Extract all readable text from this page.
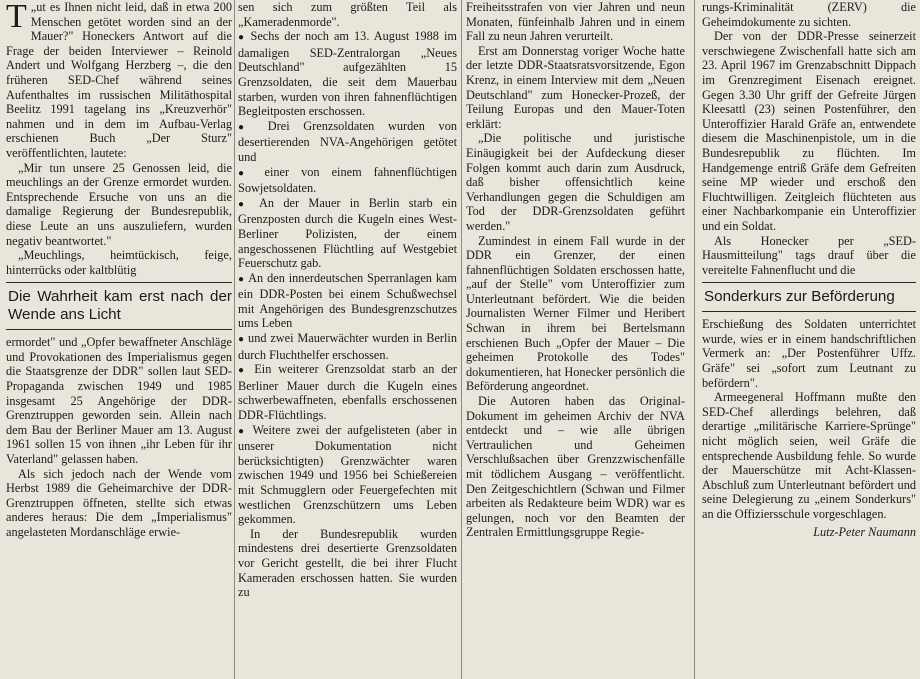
T „ut es Ihnen nicht leid, daß in etwa 200 Menschen getötet worden sind an der Mauer?" Honeckers Antwort auf die Frage der beiden Interviewer – Reinold Andert und Wolfgang Herzberg –, die den früheren SED-Chef während seines Aufenthaltes im russischen Militäthospital Beelitz 1991 tagelang ins „Kreuzverhör" nahmen und in dem im Aufbau-Verlag erschienen Buch „Der Sturz" veröffentlichten, lautete:

„Mir tun unsere 25 Genossen leid, die meuchlings an der Grenze ermordet wurden. Entsprechende Ersuche von uns an die damalige Regierung der Bundesrepublik, diese Leute an uns auszuliefern, wurden negativ beantwortet."

„Meuchlings, heimtückisch, feige, hinterrücks oder kaltblütig

Die Wahrheit kam erst nach der Wende ans Licht

ermordet" und „Opfer bewaffneter Anschläge und Provokationen des Imperialismus gegen die Staatsgrenze der DDR" sollen laut SED-Propaganda zwischen 1949 und 1985 insgesamt 25 Angehörige der DDR-Grenztruppen geworden sein. Allein nach dem Bau der Berliner Mauer am 13. August 1961 sollen 15 von ihnen „ihr Leben für ihr Vaterland" gelassen haben.

Als sich jedoch nach der Wende vom Herbst 1989 die Geheimarchive der DDR-Grenztruppen öffneten, stellte sich etwas anderes heraus: Die dem „Imperialismus" angelasteten Mordanschläge erwie-

sen sich zum größten Teil als „Kameradenmorde".

● Sechs der noch am 13. August 1988 im damaligen SED-Zentralorgan „Neues Deutschland" aufgezählten 15 Grenzsoldaten, die seit dem Mauerbau starben, wurden von ihren fahnenflüchtigen Begleitposten erschossen.

● Drei Grenzsoldaten wurden von desertierenden NVA-Angehörigen getötet und

● einer von einem fahnenflüchtigen Sowjetsoldaten.

● An der Mauer in Berlin starb ein Grenzposten durch die Kugeln eines West-Berliner Polizisten, der einem angeschossenen Flüchtling auf Westgebiet Feuerschutz gab.

● An den innerdeutschen Sperranlagen kam ein DDR-Posten bei einem Schußwechsel mit Angehörigen des Bundesgrenzschutzes ums Leben

● und zwei Mauerwächter wurden in Berlin durch Fluchthelfer erschossen.

● Ein weiterer Grenzsoldat starb an der Berliner Mauer durch die Kugeln eines schwerbewaffneten, ebenfalls erschossenen DDR-Flüchtlings.

● Weitere zwei der aufgelisteten (aber in unserer Dokumentation nicht berücksichtigten) Grenzwächter waren zwischen 1949 und 1956 bei Schießereien mit Schmugglern oder Feuergefechten mit westlichen Grenzschützern ums Leben gekommen.

In der Bundesrepublik wurden mindestens drei desertierte Grenzsoldaten vor Gericht gestellt, die bei ihrer Flucht Kameraden erschossen hatten. Sie wurden zu

Freiheitsstrafen von vier Jahren und neun Monaten, fünfeinhalb Jahren und in einem Fall zu neun Jahren verurteilt.

Erst am Donnerstag voriger Woche hatte der letzte DDR-Staatsratsvorsitzende, Egon Krenz, in einem Interview mit dem „Neuen Deutschland" zum Honecker-Prozeß, der Teilung Europas und den Mauer-Toten erklärt:

„Die politische und juristische Einäugigkeit bei der Aufdeckung dieser Folgen kommt auch darin zum Ausdruck, daß bisher offensichtlich keine Verhandlungen gegen die Schuldigen am Tod der DDR-Grenzsoldaten geführt werden."

Zumindest in einem Fall wurde in der DDR ein Grenzer, der einen fahnenflüchtigen Soldaten erschossen hatte, „auf der Stelle" vom Unteroffizier zum Unterleutnant befördert. Wie die beiden Journalisten Werner Filmer und Heribert Schwan in ihrem bei Bertelsmann erschienen Buch „Opfer der Mauer – Die geheimen Protokolle des Todes" dokumentieren, hat Honecker persönlich die Beförderung angeordnet.

Die Autoren haben das Original-Dokument im geheimen Archiv der NVA entdeckt und – wie alle übrigen Vertraulichen und Geheimen Verschlußsachen über Grenzzwischenfälle mit tödlichem Ausgang – veröffentlicht. Den Zeitgeschichtlern (Schwan und Filmer arbeiten als Redakteure beim WDR) war es gelungen, noch vor den Beamten der Zentralen Ermittlungsgruppe Regie-

rungs-Kriminalität (ZERV) die Geheimdokumente zu sichten.

Der von der DDR-Presse seinerzeit verschwiegene Zwischenfall hatte sich am 23. April 1967 im Grenzabschnitt Dippach im Grenzregiment Eisenach ereignet. Gegen 3.30 Uhr griff der Gefreite Jürgen Kleesattl (23) seinen Postenführer, den Unteroffizier Harald Gräfe an, entwendete diesem die Maschinenpistole, um in die Bundesrepublik zu flüchten. Im Handgemenge entriß Gräfe dem Gefreiten seine MP wieder und erschoß den Fluchtwilligen. Zeitgleich flüchteten aus einer Nachbarkompanie ein Unteroffizier und ein Soldat.

Als Honecker per „SED-Hausmitteilung" tags drauf über die vereitelte Fahnenflucht und die

Sonderkurs zur Beförderung

Erschießung des Soldaten unterrichtet wurde, wies er in einem handschriftlichen Vermerk an: „Der Postenführer Uffz. Gräfe" sei „sofort zum Leutnant zu befördern".

Armeegeneral Hoffmann mußte den SED-Chef allerdings belehren, daß derartige „militärische Karriere-Sprünge" nicht möglich seien, weil Gräfe die entsprechende Ausbildung fehle. So wurde der Mauerschütze mit Acht-Klassen-Abschluß zum Unterleutnant befördert und seine Delegierung zu „einem Sonderkurs" an die Offiziersschule vorgeschlagen.

Lutz-Peter Naumann
